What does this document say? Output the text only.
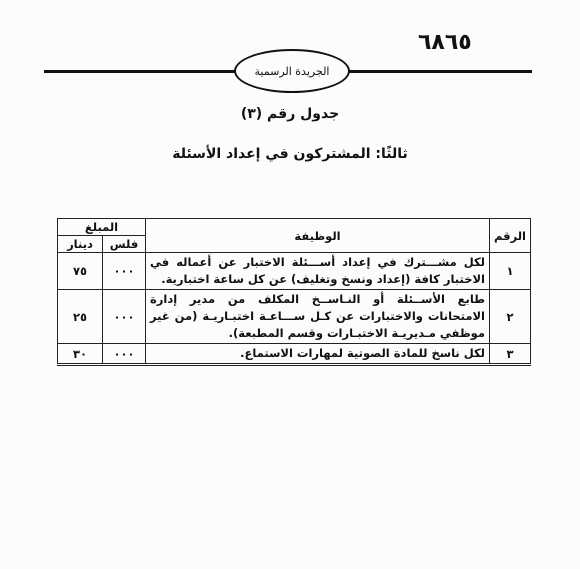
٦٨٦٥
الجريدة الرسمية
جدول رقم (٣)
ثالثًا: المشتركون في إعداد الأسئلة
الرقم	الوظيفة	المبلغ	
		فلس	دينار
١	لكل مشـــترك في إعداد أســـئلة الاختبار عن أعماله في الاختبار كافة (إعداد ونسخ وتغليف) عن كل ساعة اختبارية.	٠٠٠	٧٥
٢	طابع الأســئلة أو النـاســخ المكلف من مدير إدارة الامتحانات والاختبارات عن كـل ســـاعـة اختبـاريـة (من غير موظفي مـديريـة الاختبـارات وقسم المطبعة).	٠٠٠	٢٥
٣	لكل ناسخ للمادة الصوتية لمهارات الاستماع.	٠٠٠	٣٠
